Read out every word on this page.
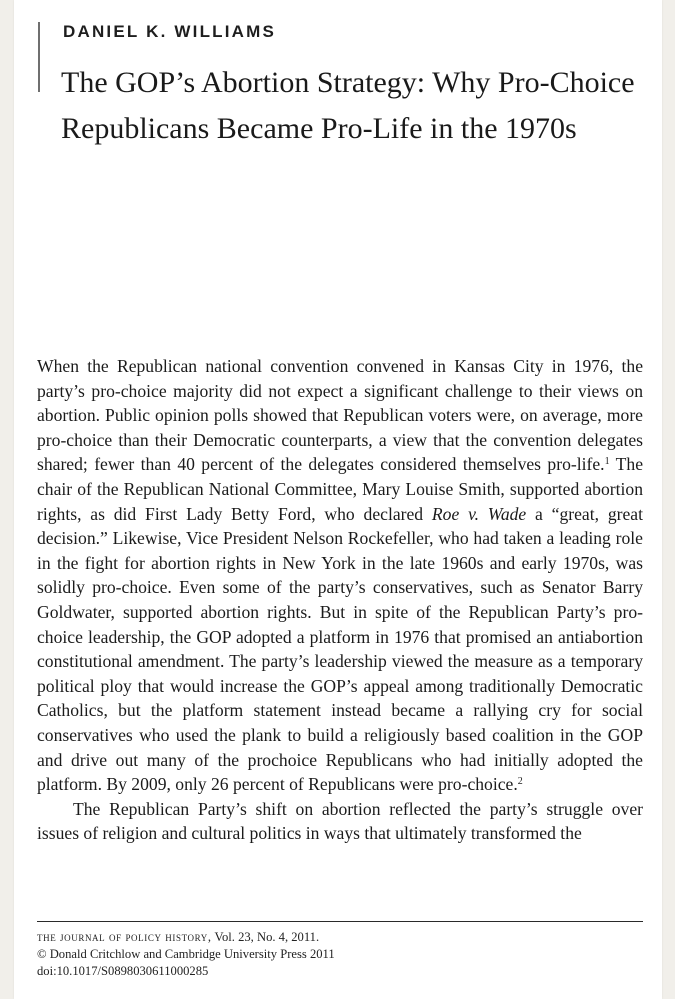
DANIEL K. WILLIAMS
The GOP’s Abortion Strategy: Why Pro-Choice Republicans Became Pro-Life in the 1970s

When the Republican national convention convened in Kansas City in 1976, the party’s pro-choice majority did not expect a significant challenge to their views on abortion. Public opinion polls showed that Republican voters were, on average, more pro-choice than their Democratic counterparts, a view that the convention delegates shared; fewer than 40 percent of the delegates considered themselves pro-life.$^1$ The chair of the Republican National Committee, Mary Louise Smith, supported abortion rights, as did First Lady Betty Ford, who declared Roe v. Wade a “great, great decision.” Likewise, Vice President Nelson Rockefeller, who had taken a leading role in the fight for abortion rights in New York in the late 1960s and early 1970s, was solidly pro-choice. Even some of the party’s conservatives, such as Senator Barry Goldwater, supported abortion rights. But in spite of the Republican Party’s pro-choice leadership, the GOP adopted a platform in 1976 that promised an antiabortion constitutional amendment. The party’s leadership viewed the measure as a temporary political ploy that would increase the GOP’s appeal among traditionally Democratic Catholics, but the platform statement instead became a rallying cry for social conservatives who used the plank to build a religiously based coalition in the GOP and drive out many of the prochoice Republicans who had initially adopted the platform. By 2009, only 26 percent of Republicans were pro-choice.$^2$

The Republican Party’s shift on abortion reflected the party’s struggle over issues of religion and cultural politics in ways that ultimately transformed the

the journal of policy history, Vol. 23, No. 4, 2011.
© Donald Critchlow and Cambridge University Press 2011
doi:10.1017/S0898030611000285
